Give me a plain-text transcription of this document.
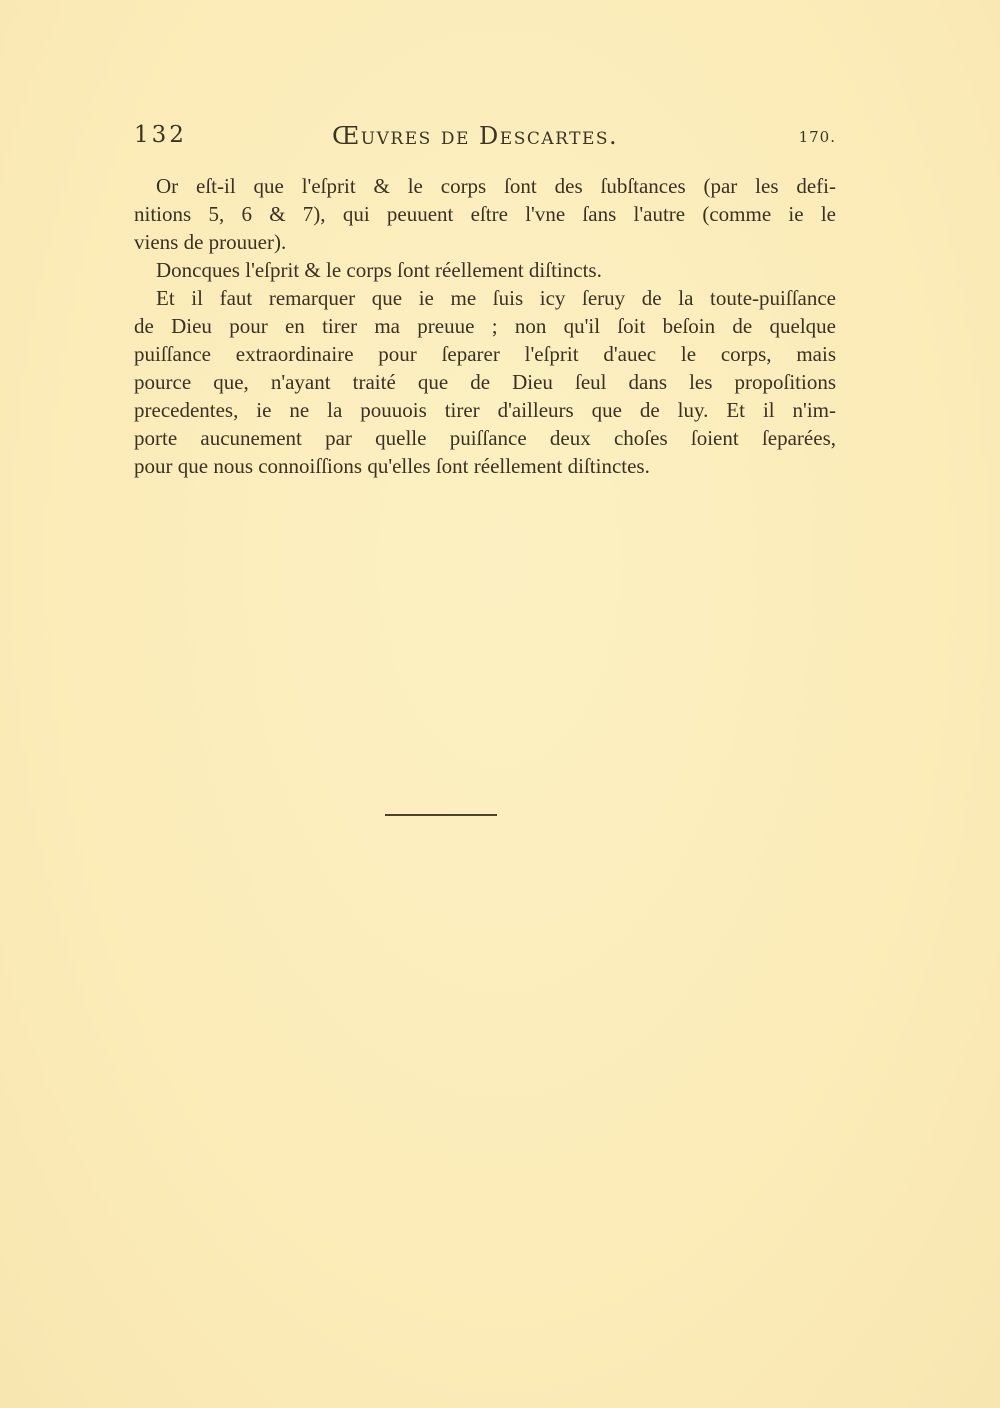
132	Œuvres de Descartes.	170.

Or eſt-il que l'eſprit & le corps ſont des ſubſtances (par les defi-
nitions 5, 6 & 7), qui peuuent eſtre l'vne ſans l'autre (comme ie le
viens de prouuer).

Doncques l'eſprit & le corps ſont réellement diſtincts.

Et il faut remarquer que ie me ſuis icy ſeruy de la toute-puiſſance
de Dieu pour en tirer ma preuue ; non qu'il ſoit beſoin de quelque
puiſſance extraordinaire pour ſeparer l'eſprit d'auec le corps, mais
pource que, n'ayant traité que de Dieu ſeul dans les propoſitions
precedentes, ie ne la pouuois tirer d'ailleurs que de luy. Et il n'im-
porte aucunement par quelle puiſſance deux choſes ſoient ſeparées,
pour que nous connoiſſions qu'elles ſont réellement diſtinctes.
